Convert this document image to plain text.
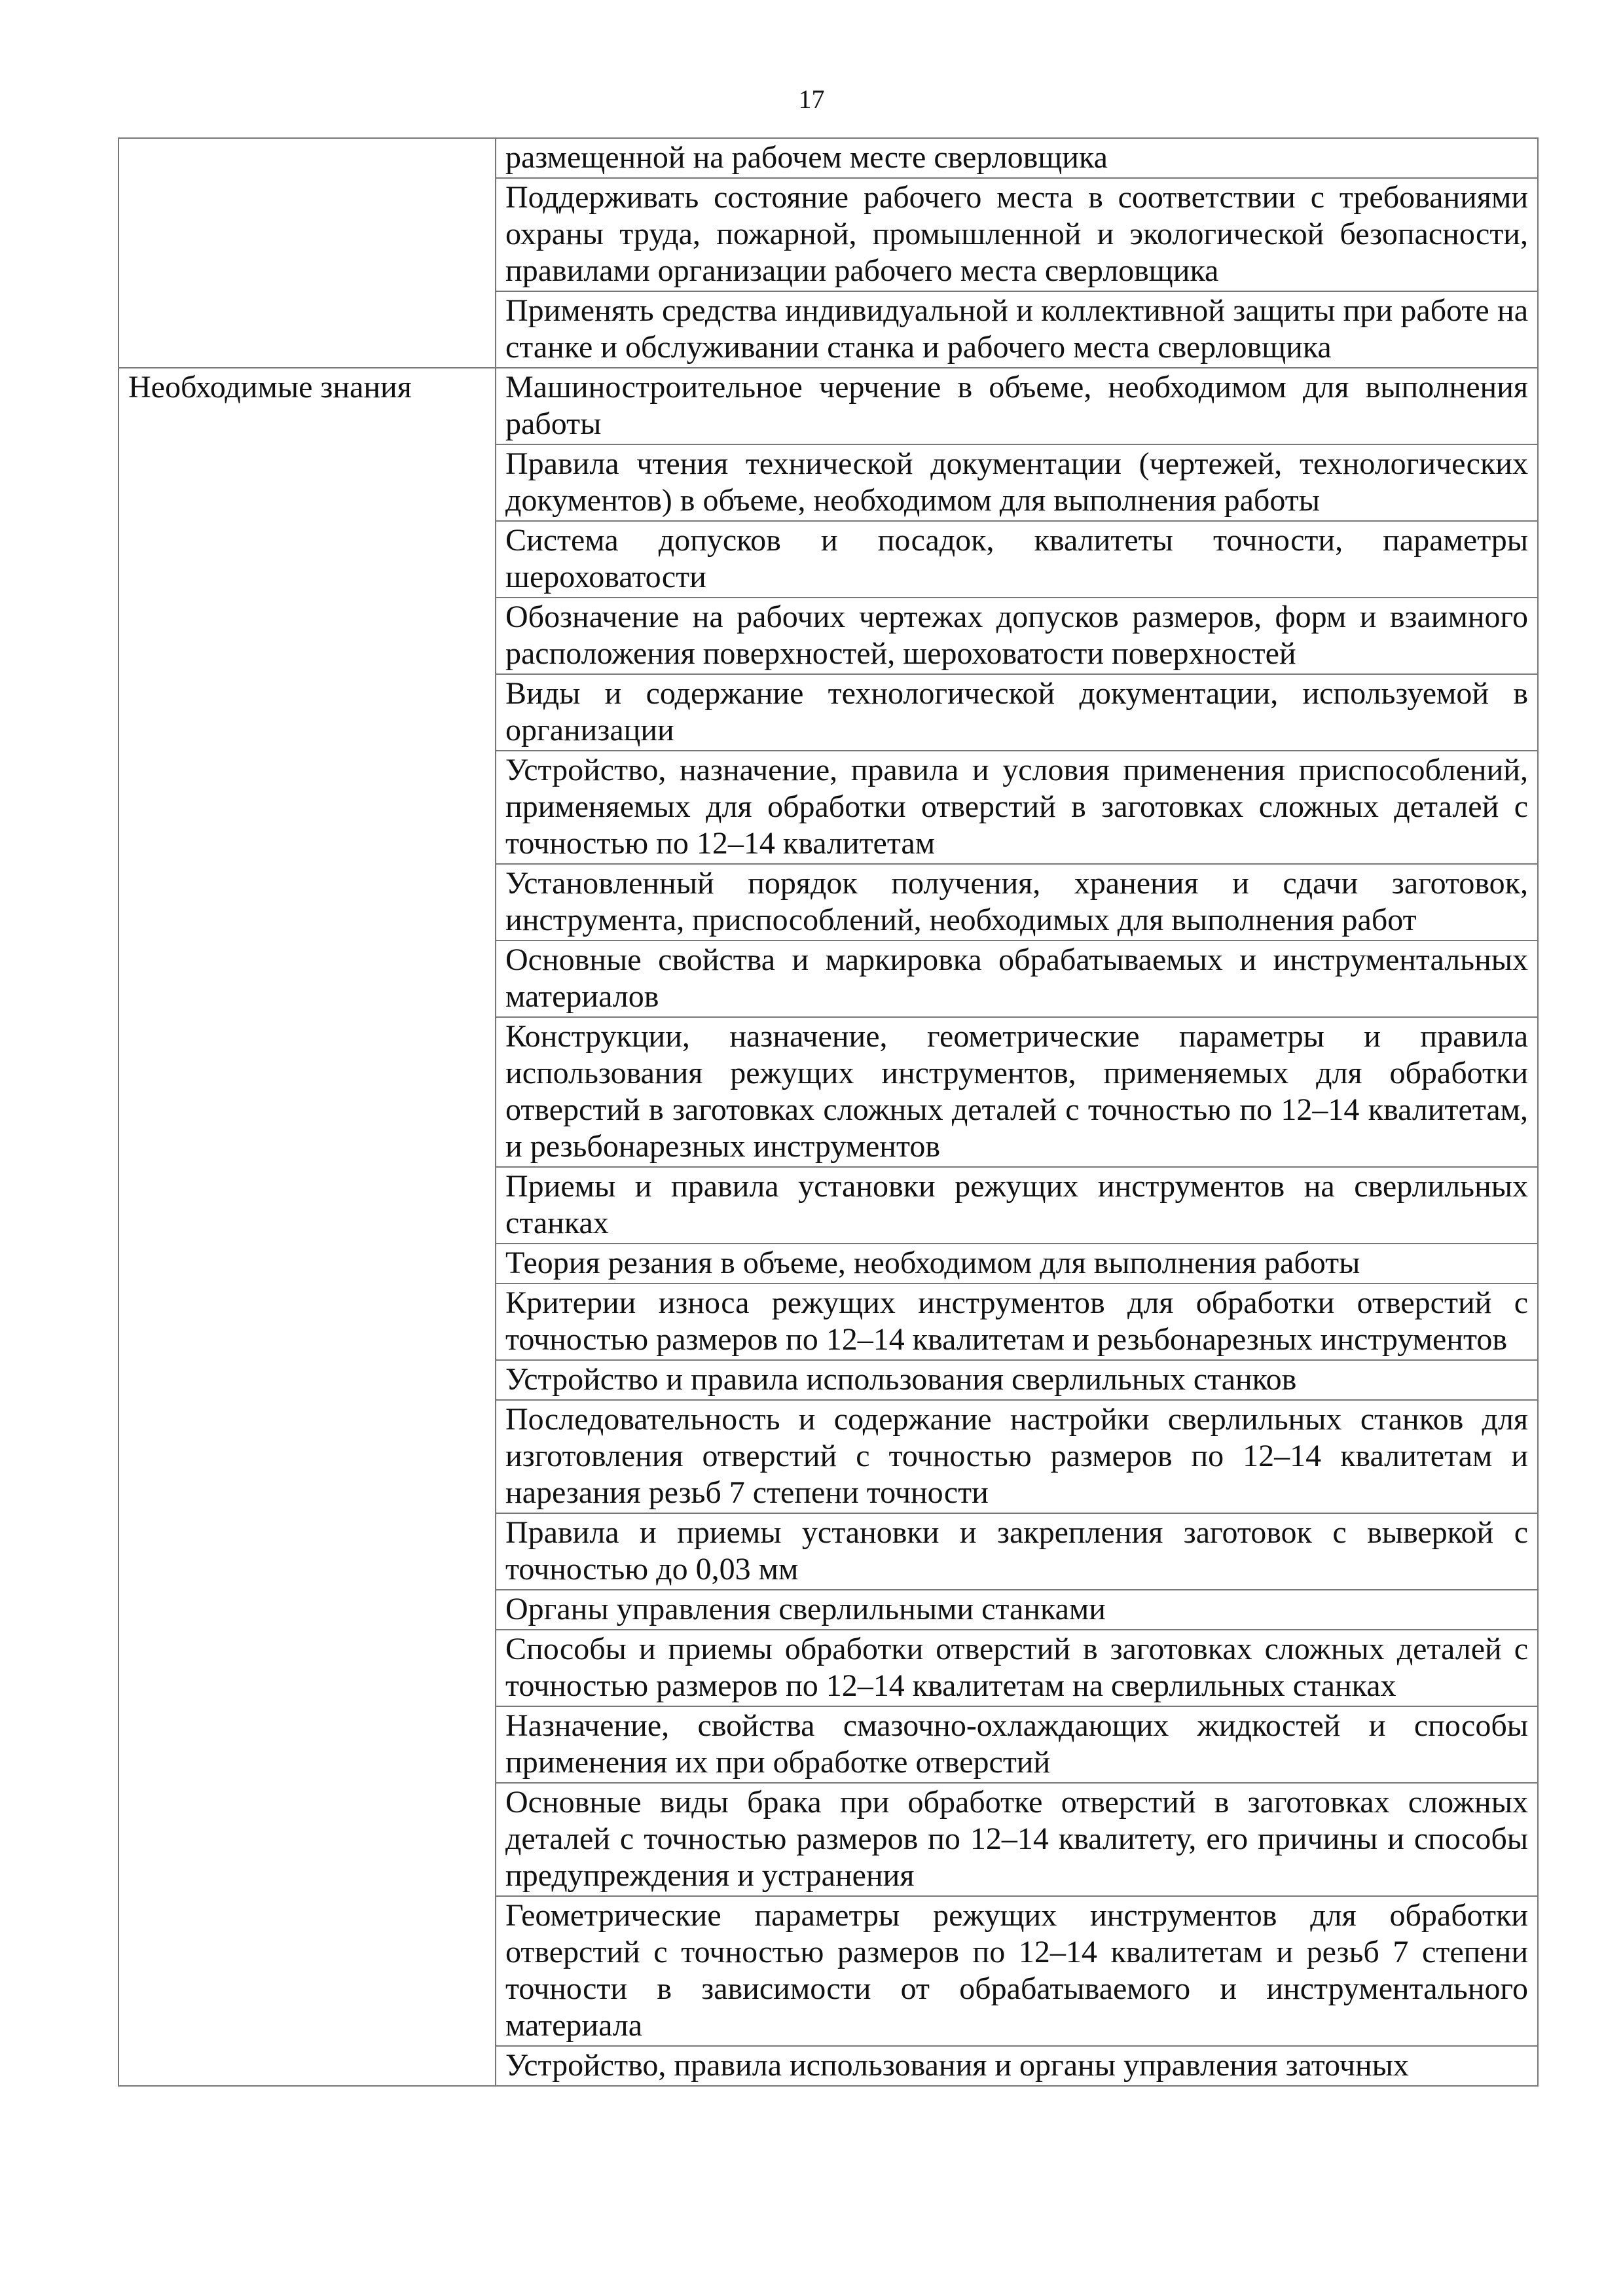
17
	размещенной на рабочем месте сверловщика
	Поддерживать состояние рабочего места в соответствии с требованиями охраны труда, пожарной, промышленной и экологической безопасности, правилами организации рабочего места сверловщика
	Применять средства индивидуальной и коллективной защиты при работе на станке и обслуживании станка и рабочего места сверловщика
Необходимые знания	Машиностроительное черчение в объеме, необходимом для выполнения работы
	Правила чтения технической документации (чертежей, технологических документов) в объеме, необходимом для выполнения работы
	Система допусков и посадок, квалитеты точности, параметры шероховатости
	Обозначение на рабочих чертежах допусков размеров, форм и взаимного расположения поверхностей, шероховатости поверхностей
	Виды и содержание технологической документации, используемой в организации
	Устройство, назначение, правила и условия применения приспособлений, применяемых для обработки отверстий в заготовках сложных деталей с точностью по 12–14 квалитетам
	Установленный порядок получения, хранения и сдачи заготовок, инструмента, приспособлений, необходимых для выполнения работ
	Основные свойства и маркировка обрабатываемых и инструментальных материалов
	Конструкции, назначение, геометрические параметры и правила использования режущих инструментов, применяемых для обработки отверстий в заготовках сложных деталей с точностью по 12–14 квалитетам, и резьбонарезных инструментов
	Приемы и правила установки режущих инструментов на сверлильных станках
	Теория резания в объеме, необходимом для выполнения работы
	Критерии износа режущих инструментов для обработки отверстий с точностью размеров по 12–14 квалитетам и резьбонарезных инструментов
	Устройство и правила использования сверлильных станков
	Последовательность и содержание настройки сверлильных станков для изготовления отверстий с точностью размеров по 12–14 квалитетам и нарезания резьб 7 степени точности
	Правила и приемы установки и закрепления заготовок с выверкой с точностью до 0,03 мм
	Органы управления сверлильными станками
	Способы и приемы обработки отверстий в заготовках сложных деталей с точностью размеров по 12–14 квалитетам на сверлильных станках
	Назначение, свойства смазочно-охлаждающих жидкостей и способы применения их при обработке отверстий
	Основные виды брака при обработке отверстий в заготовках сложных деталей с точностью размеров по 12–14 квалитету, его причины и способы предупреждения и устранения
	Геометрические параметры режущих инструментов для обработки отверстий с точностью размеров по 12–14 квалитетам и резьб 7 степени точности в зависимости от обрабатываемого и инструментального материала
	Устройство, правила использования и органы управления заточных
